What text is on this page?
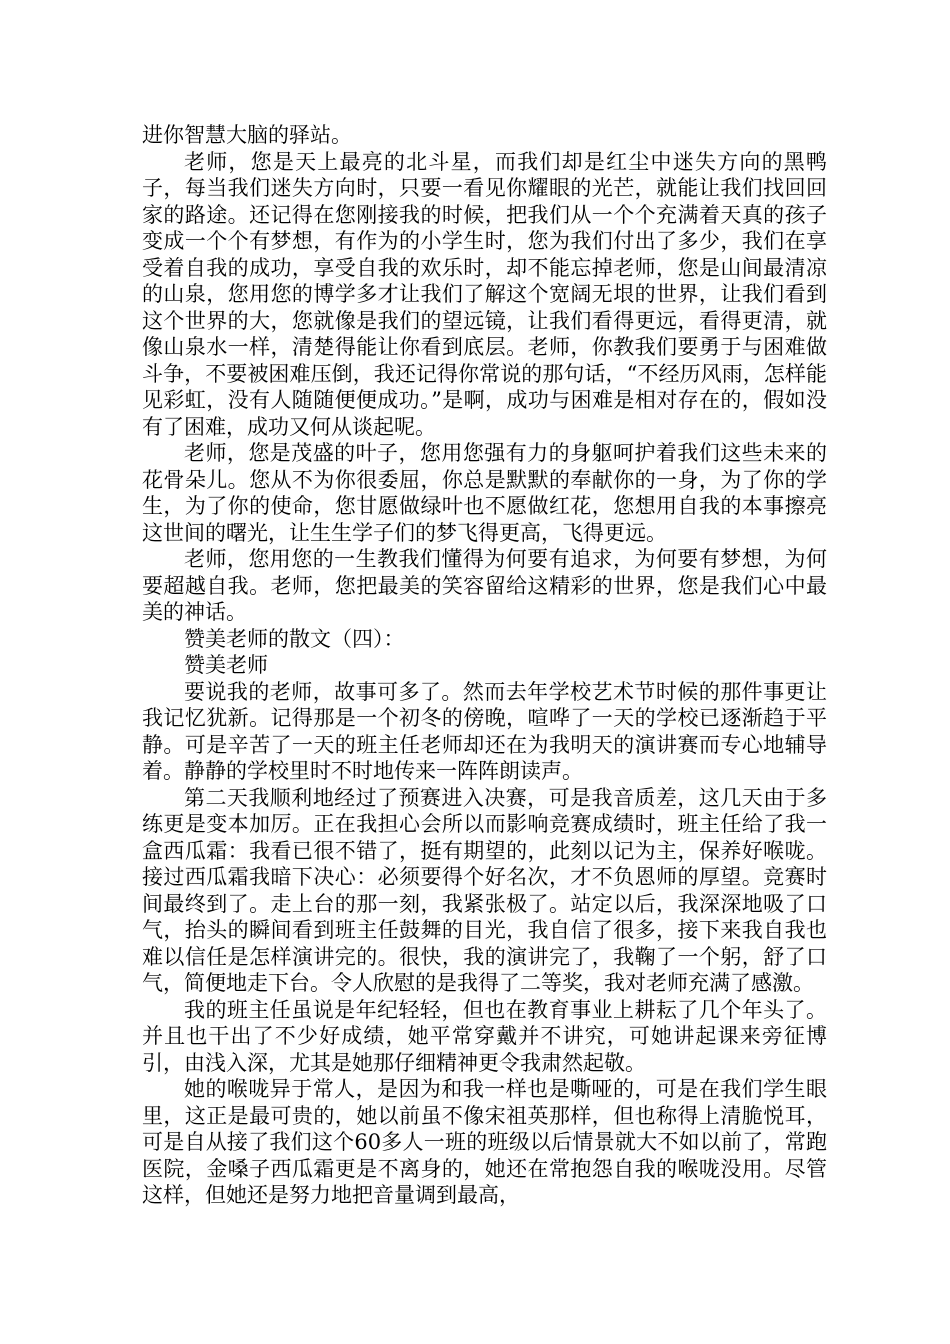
进你智慧大脑的驿站。

老师，您是天上最亮的北斗星，而我们却是红尘中迷失方向的黑鸭子，每当我们迷失方向时，只要一看见你耀眼的光芒，就能让我们找回回家的路途。还记得在您刚接我的时候，把我们从一个个充满着天真的孩子变成一个个有梦想，有作为的小学生时，您为我们付出了多少，我们在享受着自我的成功，享受自我的欢乐时，却不能忘掉老师，您是山间最清凉的山泉，您用您的博学多才让我们了解这个宽阔无垠的世界，让我们看到这个世界的大，您就像是我们的望远镜，让我们看得更远，看得更清，就像山泉水一样，清楚得能让你看到底层。老师，你教我们要勇于与困难做斗争，不要被困难压倒，我还记得你常说的那句话，“不经历风雨，怎样能见彩虹，没有人随随便便成功。”是啊，成功与困难是相对存在的，假如没有了困难，成功又何从谈起呢。

老师，您是茂盛的叶子，您用您强有力的身躯呵护着我们这些未来的花骨朵儿。您从不为你很委屈，你总是默默的奉献你的一身，为了你的学生，为了你的使命，您甘愿做绿叶也不愿做红花，您想用自我的本事擦亮这世间的曙光，让生生学子们的梦飞得更高，飞得更远。

老师，您用您的一生教我们懂得为何要有追求，为何要有梦想，为何要超越自我。老师，您把最美的笑容留给这精彩的世界，您是我们心中最美的神话。

赞美老师的散文（四）：

赞美老师

要说我的老师，故事可多了。然而去年学校艺术节时候的那件事更让我记忆犹新。记得那是一个初冬的傍晚，喧哗了一天的学校已逐渐趋于平静。可是辛苦了一天的班主任老师却还在为我明天的演讲赛而专心地辅导着。静静的学校里时不时地传来一阵阵朗读声。

第二天我顺利地经过了预赛进入决赛，可是我音质差，这几天由于多练更是变本加厉。正在我担心会所以而影响竞赛成绩时，班主任给了我一盒西瓜霜：我看已很不错了，挺有期望的，此刻以记为主，保养好喉咙。接过西瓜霜我暗下决心：必须要得个好名次，才不负恩师的厚望。竞赛时间最终到了。走上台的那一刻，我紧张极了。站定以后，我深深地吸了口气，抬头的瞬间看到班主任鼓舞的目光，我自信了很多，接下来我自我也难以信任是怎样演讲完的。很快，我的演讲完了，我鞠了一个躬，舒了口气，简便地走下台。令人欣慰的是我得了二等奖，我对老师充满了感激。

我的班主任虽说是年纪轻轻，但也在教育事业上耕耘了几个年头了。并且也干出了不少好成绩，她平常穿戴并不讲究，可她讲起课来旁征博引，由浅入深，尤其是她那仔细精神更令我肃然起敬。

她的喉咙异于常人，是因为和我一样也是嘶哑的，可是在我们学生眼里，这正是最可贵的，她以前虽不像宋祖英那样，但也称得上清脆悦耳，可是自从接了我们这个60多人一班的班级以后情景就大不如以前了，常跑医院，金嗓子西瓜霜更是不离身的，她还在常抱怨自我的喉咙没用。尽管这样，但她还是努力地把音量调到最高，
